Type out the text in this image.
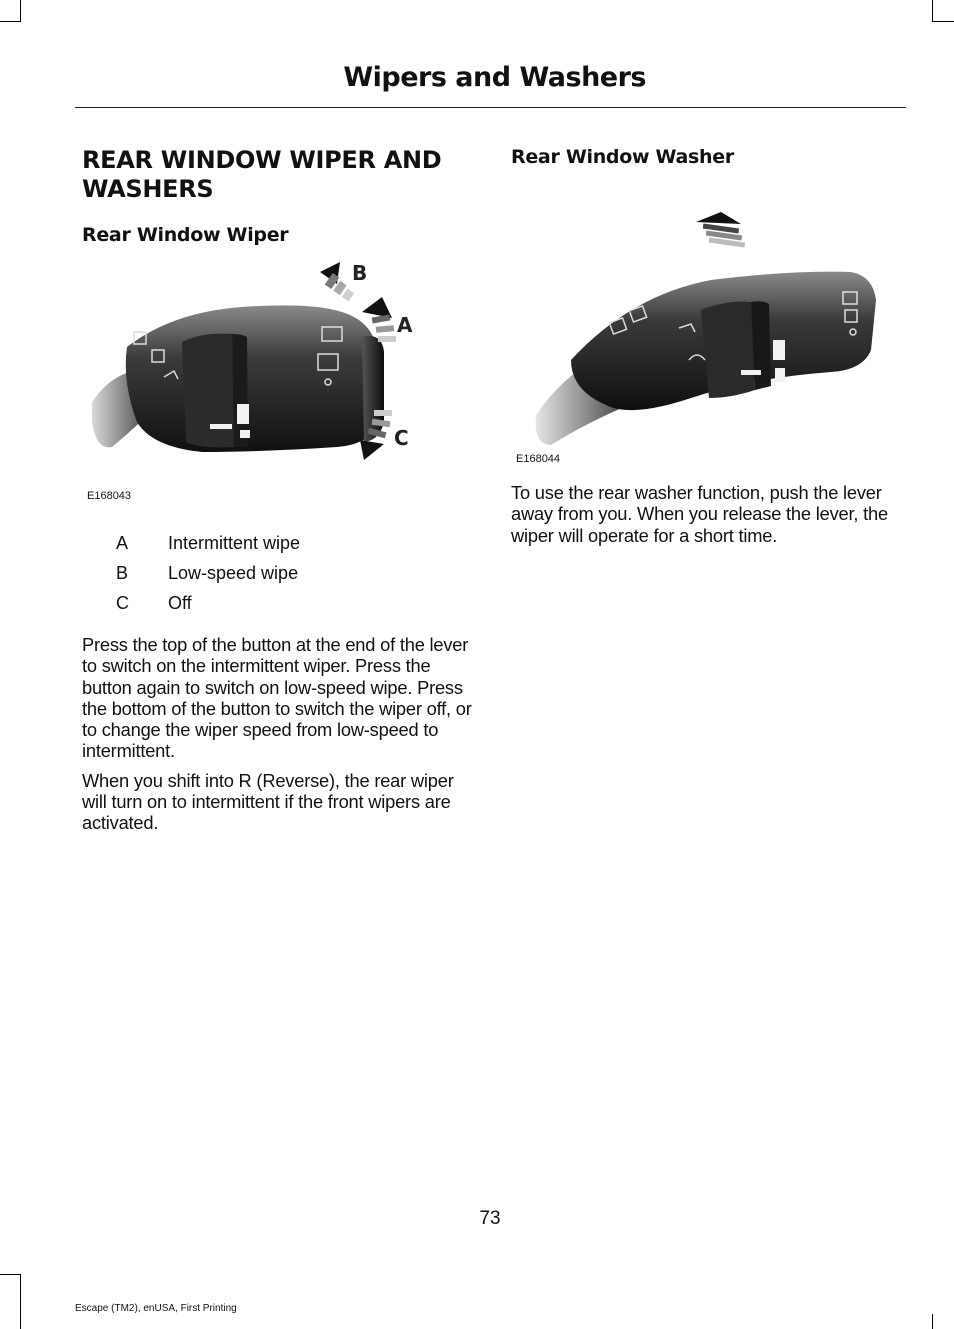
Wipers and Washers
REAR WINDOW WIPER AND WASHERS
Rear Window Wiper
B
A
C
E168043
A	Intermittent wipe
B	Low-speed wipe
C	Off

Press the top of the button at the end of the lever to switch on the intermittent wiper. Press the button again to switch on low-speed wipe. Press the bottom of the button to switch the wiper off, or to change the wiper speed from low-speed to intermittent.

When you shift into R (Reverse), the rear wiper will turn on to intermittent if the front wipers are activated.

Rear Window Washer
E168044

To use the rear washer function, push the lever away from you. When you release the lever, the wiper will operate for a short time.

73
Escape (TM2), enUSA, First Printing
